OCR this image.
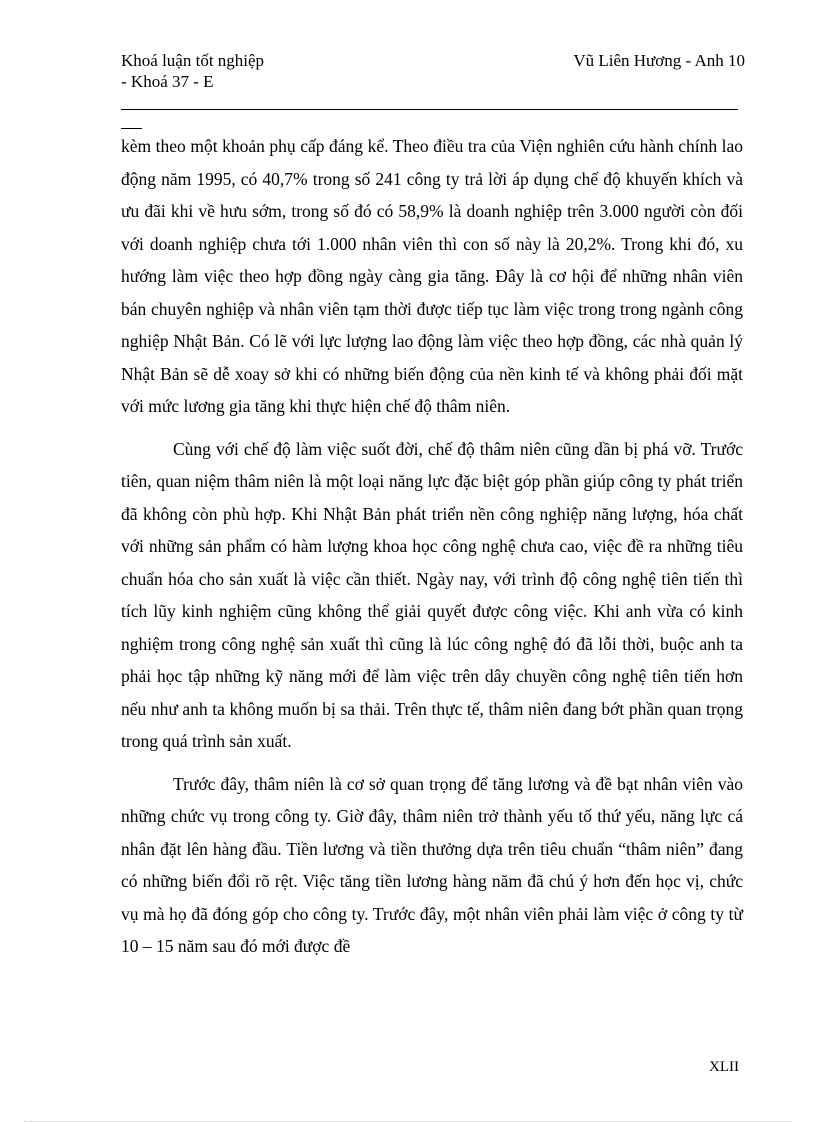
Khoá luận tốt nghiệp
- Khoá 37 - E
Vũ Liên Hương - Anh 10

kèm theo một khoản phụ cấp đáng kể. Theo điều tra của Viện nghiên cứu hành chính lao động năm 1995, có 40,7% trong số 241 công ty trả lời áp dụng chế độ khuyến khích và ưu đãi khi về hưu sớm, trong số đó có 58,9% là doanh nghiệp trên 3.000 người còn đối với doanh nghiệp chưa tới 1.000 nhân viên thì con số này là 20,2%. Trong khi đó, xu hướng làm việc theo hợp đồng ngày càng gia tăng. Đây là cơ hội để những nhân viên bán chuyên nghiệp và nhân viên tạm thời được tiếp tục làm việc trong trong ngành công nghiệp Nhật Bản. Có lẽ với lực lượng lao động làm việc theo hợp đồng, các nhà quản lý Nhật Bản sẽ dễ xoay sở khi có những biến động của nền kinh tế và không phải đối mặt với mức lương gia tăng khi thực hiện chế độ thâm niên.

Cùng với chế độ làm việc suốt đời, chế độ thâm niên cũng dần bị phá vỡ. Trước tiên, quan niệm thâm niên là một loại năng lực đặc biệt góp phần giúp công ty phát triển đã không còn phù hợp. Khi Nhật Bản phát triển nền công nghiệp năng lượng, hóa chất với những sản phẩm có hàm lượng khoa học công nghệ chưa cao, việc đề ra những tiêu chuẩn hóa cho sản xuất là việc cần thiết. Ngày nay, với trình độ công nghệ tiên tiến thì tích lũy kinh nghiệm cũng không thể giải quyết được công việc. Khi anh vừa có kinh nghiệm trong công nghệ sản xuất thì cũng là lúc công nghệ đó đã lỗi thời, buộc anh ta phải học tập những kỹ năng mới để làm việc trên dây chuyền công nghệ tiên tiến hơn nếu như anh ta không muốn bị sa thải. Trên thực tế, thâm niên đang bớt phần quan trọng trong quá trình sản xuất.

Trước đây, thâm niên là cơ sở quan trọng để tăng lương và đề bạt nhân viên vào những chức vụ trong công ty. Giờ đây, thâm niên trở thành yếu tố thứ yếu, năng lực cá nhân đặt lên hàng đầu. Tiền lương và tiền thưởng dựa trên tiêu chuẩn “thâm niên” đang có những biến đổi rõ rệt. Việc tăng tiền lương hàng năm đã chú ý hơn đến học vị, chức vụ mà họ đã đóng góp cho công ty. Trước đây, một nhân viên phải làm việc ở công ty từ 10 – 15 năm sau đó mới được đề

XLII
